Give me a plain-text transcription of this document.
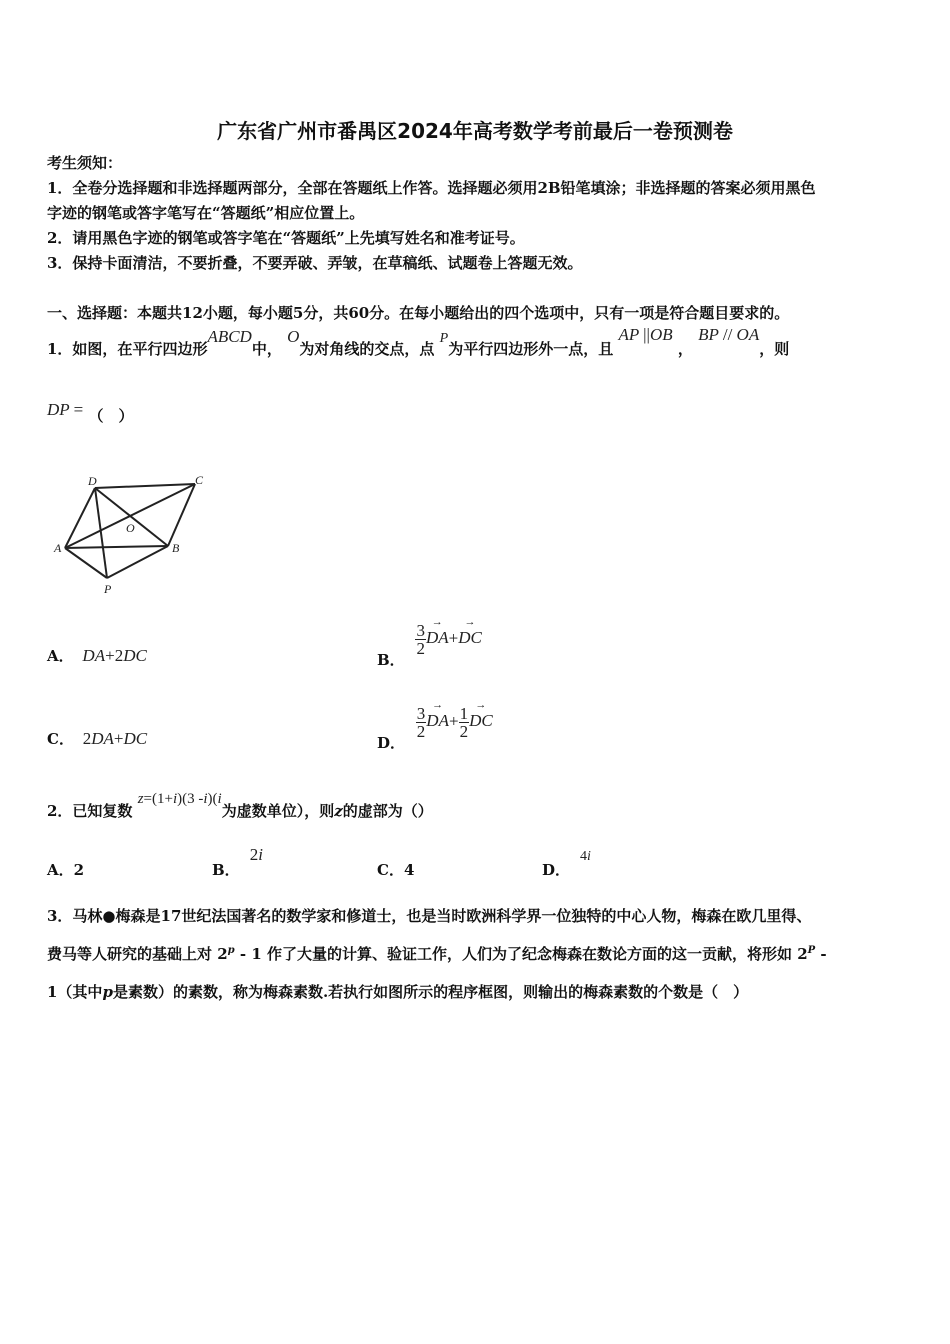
广东省广州市番禺区2024年高考数学考前最后一卷预测卷
考生须知：
1．全卷分选择题和非选择题两部分，全部在答题纸上作答。选择题必须用2B铅笔填涂；非选择题的答案必须用黑色
字迹的钢笔或答字笔写在“答题纸”相应位置上。
2．请用黑色字迹的钢笔或答字笔在“答题纸”上先填写姓名和准考证号。
3．保持卡面清洁，不要折叠，不要弄破、弄皱，在草稿纸、试题卷上答题无效。
一、选择题：本题共12小题，每小题5分，共60分。在每小题给出的四个选项中，只有一项是符合题目要求的。
1．如图，在平行四边形ABCD中， O为对角线的交点，点 P为平行四边形外一点，且 AP ||OB ， BP // OA，则
DP = （　）
D	C
A	B
O
P
A． DA+2DC	B．
$\frac{3}{2}$
→ DA+→ DC
C． 2DA+DC	D．
$\frac{3}{2}$
→ $DA+ \frac{1}{2}$
→ DC
2．已知复数 z=(1+i)(3 -i)(i为虚数单位），则z的虚部为（）
A．2	B．2i
C．4	D．4i
3．马林●梅森是17世纪法国著名的数学家和修道士，也是当时欧洲科学界一位独特的中心人物，梅森在欧几里得、
费马等人研究的基础上对 2$^p$ - 1 作了大量的计算、验证工作，人们为了纪念梅森在数论方面的这一贡献，将形如 $2^P$ -
1（其中p是素数）的素数，称为梅森素数.若执行如图所示的程序框图，则输出的梅森素数的个数是（　）
